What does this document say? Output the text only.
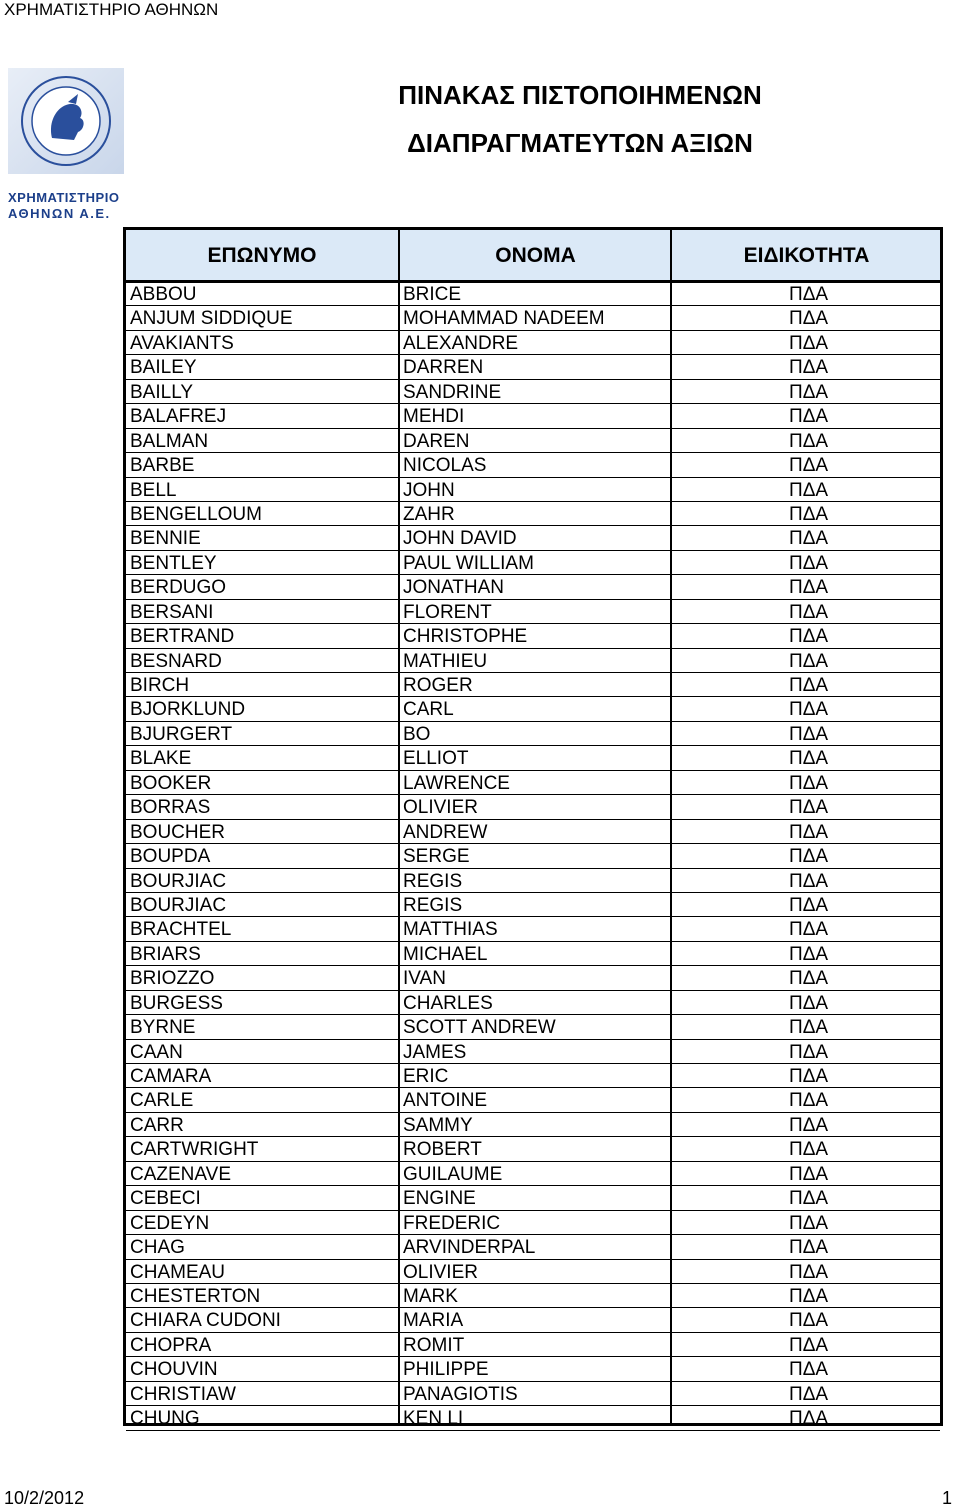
ΧΡΗΜΑΤΙΣΤΗΡΙΟ ΑΘΗΝΩΝ
ΧΡΗΜΑΤΙΣΤΗΡΙΟ
ΑΘΗΝΩΝ Α.Ε.
ΠΙΝΑΚΑΣ ΠΙΣΤΟΠΟΙΗΜΕΝΩΝ
ΔΙΑΠΡΑΓΜΑΤΕΥΤΩΝ ΑΞΙΩΝ
ΕΠΩΝΥΜΟ	ΟΝΟΜΑ	ΕΙΔΙΚΟΤΗΤΑ
ABBOU	BRICE	ΠΔΑ
ANJUM SIDDIQUE	MOHAMMAD NADEEM	ΠΔΑ
AVAKIANTS	ALEXANDRE	ΠΔΑ
BAILEY	DARREN	ΠΔΑ
BAILLY	SANDRINE	ΠΔΑ
BALAFREJ	MEHDI	ΠΔΑ
BALMAN	DAREN	ΠΔΑ
BARBE	NICOLAS	ΠΔΑ
BELL	JOHN	ΠΔΑ
BENGELLOUM	ZAHR	ΠΔΑ
BENNIE	JOHN DAVID	ΠΔΑ
BENTLEY	PAUL WILLIAM	ΠΔΑ
BERDUGO	JONATHAN	ΠΔΑ
BERSANI	FLORENT	ΠΔΑ
BERTRAND	CHRISTOPHE	ΠΔΑ
BESNARD	MATHIEU	ΠΔΑ
BIRCH	ROGER	ΠΔΑ
BJORKLUND	CARL	ΠΔΑ
BJURGERT	BO	ΠΔΑ
BLAKE	ELLIOT	ΠΔΑ
BOOKER	LAWRENCE	ΠΔΑ
BORRAS	OLIVIER	ΠΔΑ
BOUCHER	ANDREW	ΠΔΑ
BOUPDA	SERGE	ΠΔΑ
BOURJIAC	REGIS	ΠΔΑ
BOURJIAC	REGIS	ΠΔΑ
BRACHTEL	MATTHIAS	ΠΔΑ
BRIARS	MICHAEL	ΠΔΑ
BRIOZZO	IVAN	ΠΔΑ
BURGESS	CHARLES	ΠΔΑ
BYRNE	SCOTT ANDREW	ΠΔΑ
CAAN	JAMES	ΠΔΑ
CAMARA	ERIC	ΠΔΑ
CARLE	ANTOINE	ΠΔΑ
CARR	SAMMY	ΠΔΑ
CARTWRIGHT	ROBERT	ΠΔΑ
CAZENAVE	GUILAUME	ΠΔΑ
CEBECI	ENGINE	ΠΔΑ
CEDEYN	FREDERIC	ΠΔΑ
CHAG	ARVINDERPAL	ΠΔΑ
CHAMEAU	OLIVIER	ΠΔΑ
CHESTERTON	MARK	ΠΔΑ
CHIARA CUDONI	MARIA	ΠΔΑ
CHOPRA	ROMIT	ΠΔΑ
CHOUVIN	PHILIPPE	ΠΔΑ
CHRISTIAW	PANAGIOTIS	ΠΔΑ
CHUNG	KEN LI	ΠΔΑ
10/2/2012	1
